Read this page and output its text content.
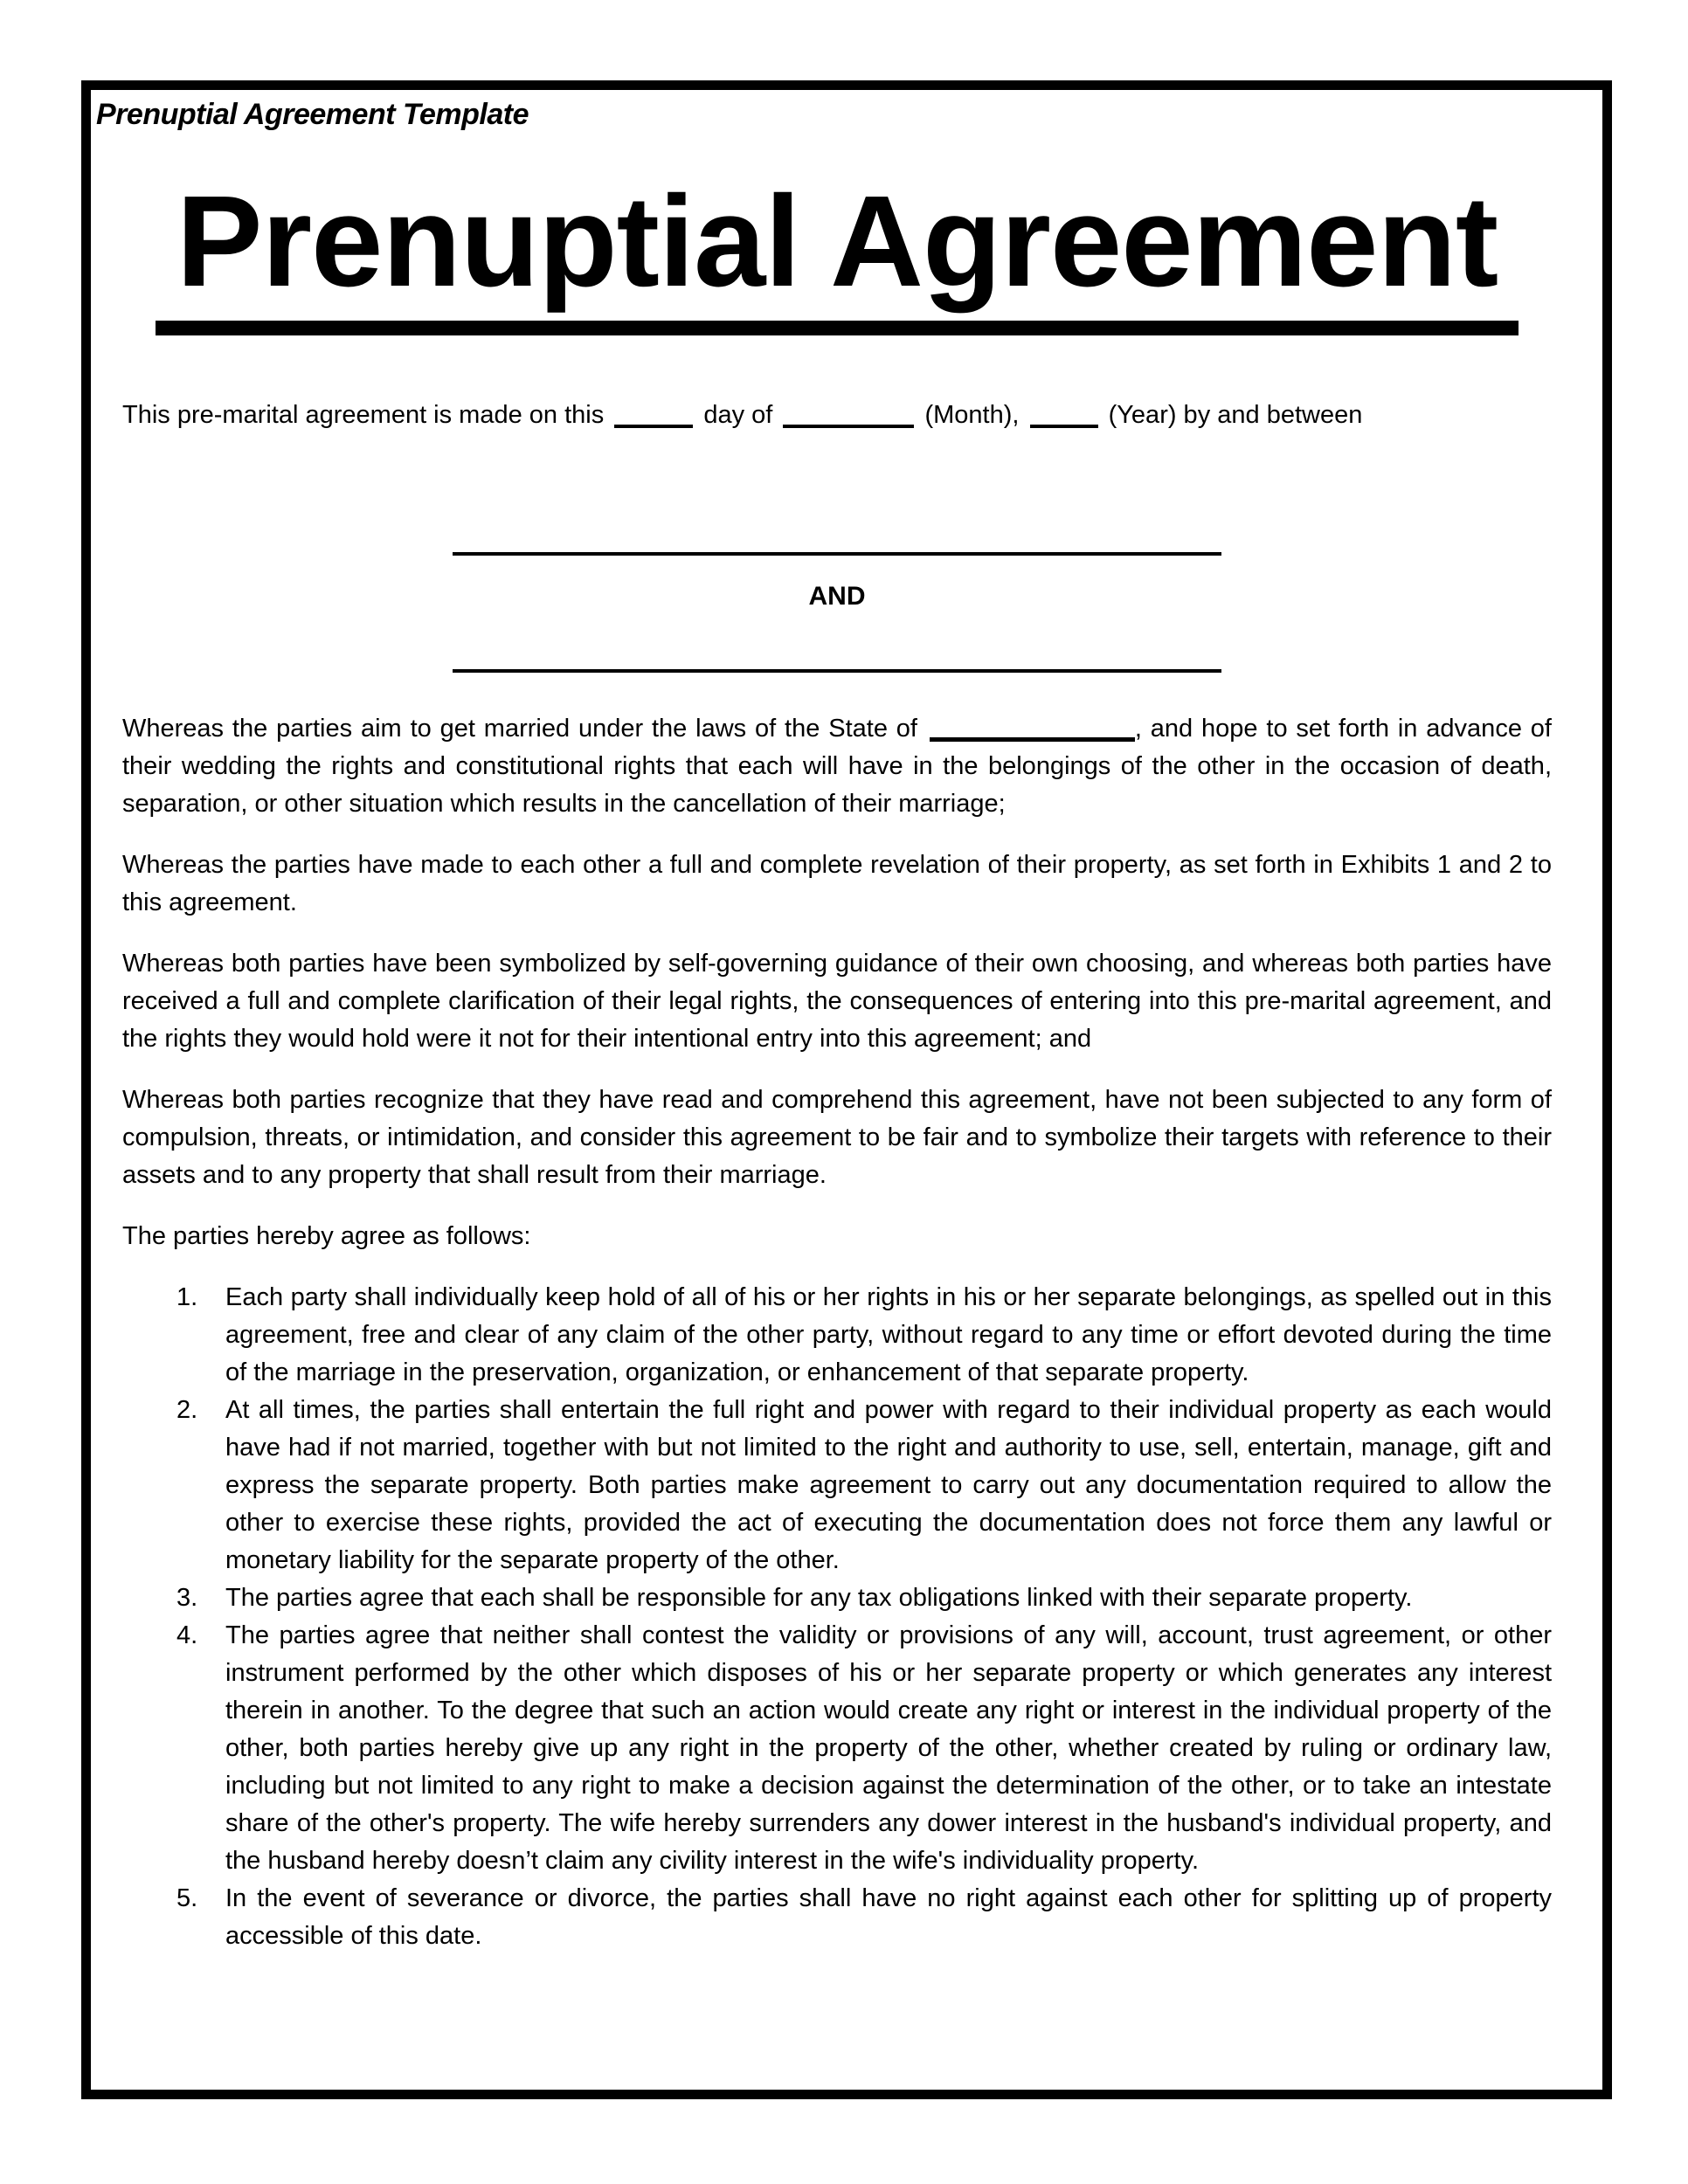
Prenuptial Agreement Template
Prenuptial Agreement

This pre-marital agreement is made on this	day of	(Month),	(Year) by and between

AND

Whereas the parties aim to get married under the laws of the State of	, and hope to set forth in advance of their wedding the rights and constitutional rights that each will have in the belongings of the other in the occasion of death, separation, or other situation which results in the cancellation of their marriage;

Whereas the parties have made to each other a full and complete revelation of their property, as set forth in Exhibits 1 and 2 to this agreement.

Whereas both parties have been symbolized by self-governing guidance of their own choosing, and whereas both parties have received a full and complete clarification of their legal rights, the consequences of entering into this pre-marital agreement, and the rights they would hold were it not for their intentional entry into this agreement; and

Whereas both parties recognize that they have read and comprehend this agreement, have not been subjected to any form of compulsion, threats, or intimidation, and consider this agreement to be fair and to symbolize their targets with reference to their assets and to any property that shall result from their marriage.

The parties hereby agree as follows:

1. Each party shall individually keep hold of all of his or her rights in his or her separate belongings, as spelled out in this agreement, free and clear of any claim of the other party, without regard to any time or effort devoted during the time of the marriage in the preservation, organization, or enhancement of that separate property.
2. At all times, the parties shall entertain the full right and power with regard to their individual property as each would have had if not married, together with but not limited to the right and authority to use, sell, entertain, manage, gift and express the separate property. Both parties make agreement to carry out any documentation required to allow the other to exercise these rights, provided the act of executing the documentation does not force them any lawful or monetary liability for the separate property of the other.
3. The parties agree that each shall be responsible for any tax obligations linked with their separate property.
4. The parties agree that neither shall contest the validity or provisions of any will, account, trust agreement, or other instrument performed by the other which disposes of his or her separate property or which generates any interest therein in another. To the degree that such an action would create any right or interest in the individual property of the other, both parties hereby give up any right in the property of the other, whether created by ruling or ordinary law, including but not limited to any right to make a decision against the determination of the other, or to take an intestate share of the other's property. The wife hereby surrenders any dower interest in the husband's individual property, and the husband hereby doesn’t claim any civility interest in the wife's individuality property.
5. In the event of severance or divorce, the parties shall have no right against each other for splitting up of property accessible of this date.
